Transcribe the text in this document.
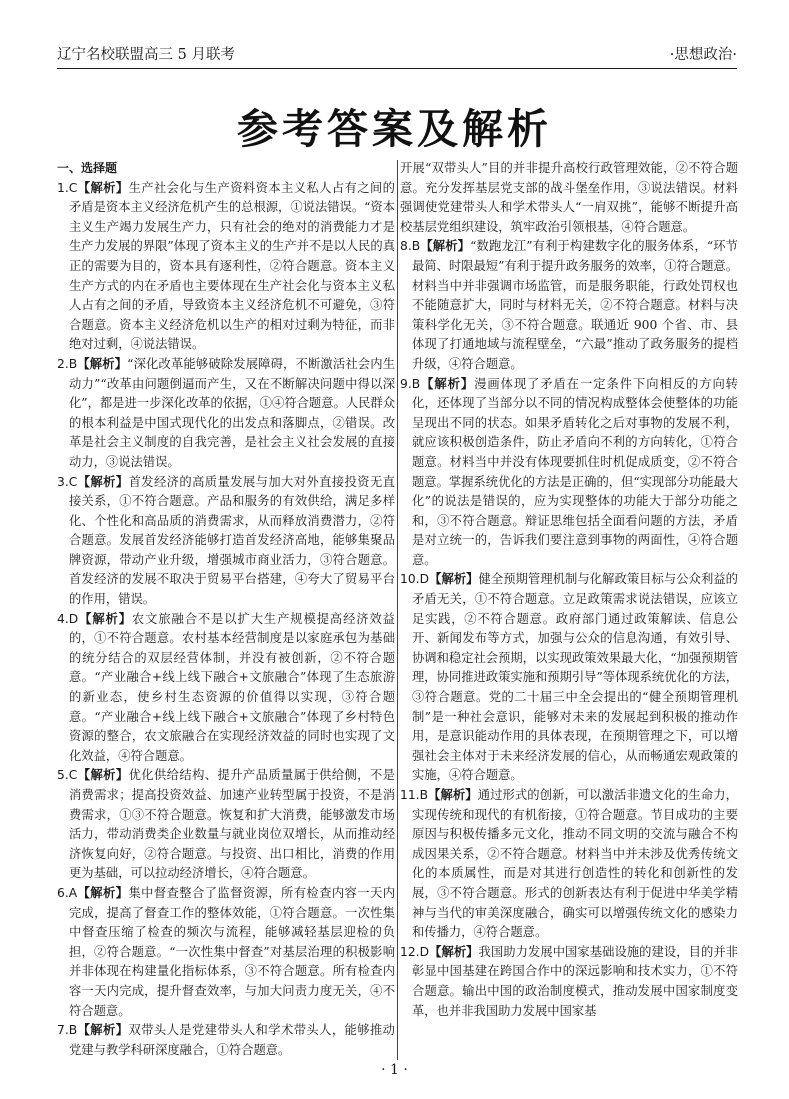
辽宁名校联盟高三 5 月联考	·思想政治·
参考答案及解析

一、选择题

1.C【解析】生产社会化与生产资料资本主义私人占有之间的矛盾是资本主义经济危机产生的总根源，①说法错误。“资本主义生产竭力发展生产力，只有社会的绝对的消费能力才是生产力发展的界限”体现了资本主义的生产并不是以人民的真正的需要为目的，资本具有逐利性，②符合题意。资本主义生产方式的内在矛盾也主要体现在生产社会化与资本主义私人占有之间的矛盾，导致资本主义经济危机不可避免，③符合题意。资本主义经济危机以生产的相对过剩为特征，而非绝对过剩，④说法错误。

2.B【解析】“深化改革能够破除发展障碍，不断激活社会内生动力”“改革由问题倒逼而产生，又在不断解决问题中得以深化”，都是进一步深化改革的依据，①④符合题意。人民群众的根本利益是中国式现代化的出发点和落脚点，②错误。改革是社会主义制度的自我完善，是社会主义社会发展的直接动力，③说法错误。

3.C【解析】首发经济的高质量发展与加大对外直接投资无直接关系，①不符合题意。产品和服务的有效供给，满足多样化、个性化和高品质的消费需求，从而释放消费潜力，②符合题意。发展首发经济能够打造首发经济高地，能够集聚品牌资源，带动产业升级，增强城市商业活力，③符合题意。首发经济的发展不取决于贸易平台搭建，④夸大了贸易平台的作用，错误。

4.D【解析】农文旅融合不是以扩大生产规模提高经济效益的，①不符合题意。农村基本经营制度是以家庭承包为基础的统分结合的双层经营体制，并没有被创新，②不符合题意。“产业融合+线上线下融合+文旅融合”体现了生态旅游的新业态，使乡村生态资源的价值得以实现，③符合题意。“产业融合+线上线下融合+文旅融合”体现了乡村特色资源的整合，农文旅融合在实现经济效益的同时也实现了文化效益，④符合题意。

5.C【解析】优化供给结构、提升产品质量属于供给侧，不是消费需求；提高投资效益、加速产业转型属于投资，不是消费需求，①③不符合题意。恢复和扩大消费，能够激发市场活力，带动消费类企业数量与就业岗位双增长，从而推动经济恢复向好，②符合题意。与投资、出口相比，消费的作用更为基础，可以拉动经济增长，④符合题意。

6.A【解析】集中督查整合了监督资源，所有检查内容一天内完成，提高了督查工作的整体效能，①符合题意。一次性集中督查压缩了检查的频次与流程，能够减轻基层迎检的负担，②符合题意。“一次性集中督查”对基层治理的积极影响并非体现在构建量化指标体系，③不符合题意。所有检查内容一天内完成，提升督查效率，与加大问责力度无关，④不符合题意。

7.B【解析】双带头人是党建带头人和学术带头人，能够推动党建与教学科研深度融合，①符合题意。

开展“双带头人”目的并非提升高校行政管理效能，②不符合题意。充分发挥基层党支部的战斗堡垒作用，③说法错误。材料强调使党建带头人和学术带头人“一肩双挑”，能够不断提升高校基层党组织建设，筑牢政治引领根基，④符合题意。

8.B【解析】“数跑龙江”有利于构建数字化的服务体系，“环节最简、时限最短”有利于提升政务服务的效率，①符合题意。材料当中并非强调市场监管，而是服务职能，行政处罚权也不能随意扩大，同时与材料无关，②不符合题意。材料与决策科学化无关，③不符合题意。联通近 900 个省、市、县体现了打通地域与流程壁垒，“六最”推动了政务服务的提档升级，④符合题意。

9.B【解析】漫画体现了矛盾在一定条件下向相反的方向转化，还体现了当部分以不同的情况构成整体会使整体的功能呈现出不同的状态。如果矛盾转化之后对事物的发展不利，就应该积极创造条件，防止矛盾向不利的方向转化，①符合题意。材料当中并没有体现要抓住时机促成质变，②不符合题意。掌握系统优化的方法是正确的，但“实现部分功能最大化”的说法是错误的，应为实现整体的功能大于部分功能之和，③不符合题意。辩证思维包括全面看问题的方法，矛盾是对立统一的，告诉我们要注意到事物的两面性，④符合题意。

10.D【解析】健全预期管理机制与化解政策目标与公众利益的矛盾无关，①不符合题意。立足政策需求说法错误，应该立足实践，②不符合题意。政府部门通过政策解读、信息公开、新闻发布等方式，加强与公众的信息沟通，有效引导、协调和稳定社会预期，以实现政策效果最大化，“加强预期管理，协同推进政策实施和预期引导”等体现系统优化的方法，③符合题意。党的二十届三中全会提出的“健全预期管理机制”是一种社会意识，能够对未来的发展起到积极的推动作用，是意识能动作用的具体表现，在预期管理之下，可以增强社会主体对于未来经济发展的信心，从而畅通宏观政策的实施，④符合题意。

11.B【解析】通过形式的创新，可以激活非遗文化的生命力，实现传统和现代的有机衔接，①符合题意。节目成功的主要原因与积极传播多元文化，推动不同文明的交流与融合不构成因果关系，②不符合题意。材料当中并未涉及优秀传统文化的本质属性，而是对其进行创造性的转化和创新性的发展，③不符合题意。形式的创新表达有利于促进中华美学精神与当代的审美深度融合，确实可以增强传统文化的感染力和传播力，④符合题意。

12.D【解析】我国助力发展中国家基础设施的建设，目的并非彰显中国基建在跨国合作中的深远影响和技术实力，①不符合题意。输出中国的政治制度模式，推动发展中国家制度变革，也并非我国助力发展中国家基

· 1 ·
